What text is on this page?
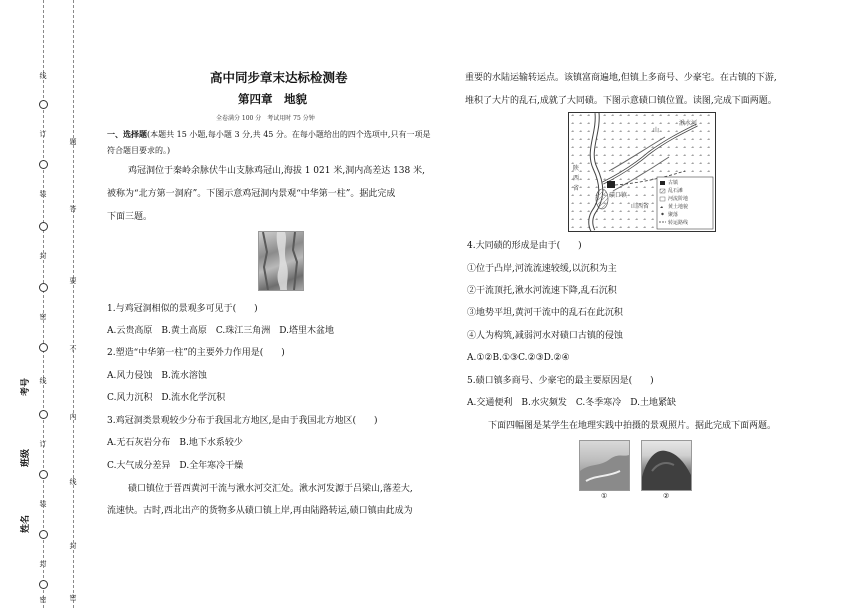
线
订
装
封
密
线
订
装
封
密
题
答
要
不
内
线
封
密
考号
班级
姓名
高中同步章末达标检测卷
第四章　地貌
全卷满分 100 分　考试用时 75 分钟
一、选择题(本题共 15 小题,每小题 3 分,共 45 分。在每小题给出的四个选项中,只有一项是
符合题目要求的。)
鸡冠洞位于秦岭余脉伏牛山支脉鸡冠山,海拔 1 021 米,洞内高差达 138 米,
被称为“北方第一洞府”。下图示意鸡冠洞内景观“中华第一柱”。据此完成
下面三题。
1.与鸡冠洞相似的景观多可见于(　　)
A.云贵高原　B.黄土高原　C.珠江三角洲　D.塔里木盆地
2.塑造“中华第一柱”的主要外力作用是(　　)
A.风力侵蚀　B.流水溶蚀
C.风力沉积　D.流水化学沉积
3.鸡冠洞类景观较少分布于我国北方地区,是由于我国北方地区(　　)
A.无石灰岩分布　B.地下水系较少
C.大气成分差异　D.全年寒冷干燥
碛口镇位于晋西黄河干流与湫水河交汇处。湫水河发源于吕梁山,落差大,
流速快。古时,西北出产的货物多从碛口镇上岸,再由陆路转运,碛口镇由此成为
重要的水陆运输转运点。该镇富商遍地,但镇上多商号、少豪宅。在古镇的下游,
堆积了大片的乱石,成就了大同碛。下图示意碛口镇位置。读图,完成下面两题。
山
湫水河
陕
西
省
碛口镇
山西省
古镇
乱石滩
河流阶地
黄土地貌
聚落
转运路线
4.大同碛的形成是由于(　　)
①位于凸岸,河流流速较缓,以沉积为主
②干流顶托,湫水河流速下降,乱石沉积
③地势平坦,黄河干流中的乱石在此沉积
④人为构筑,减弱河水对碛口古镇的侵蚀
A.①②B.①③C.②③D.②④
5.碛口镇多商号、少豪宅的最主要原因是(　　)
A.交通便利　B.水灾频发　C.冬季寒冷　D.土地紧缺
下面四幅图是某学生在地理实践中拍摄的景观照片。据此完成下面两题。
①	②
